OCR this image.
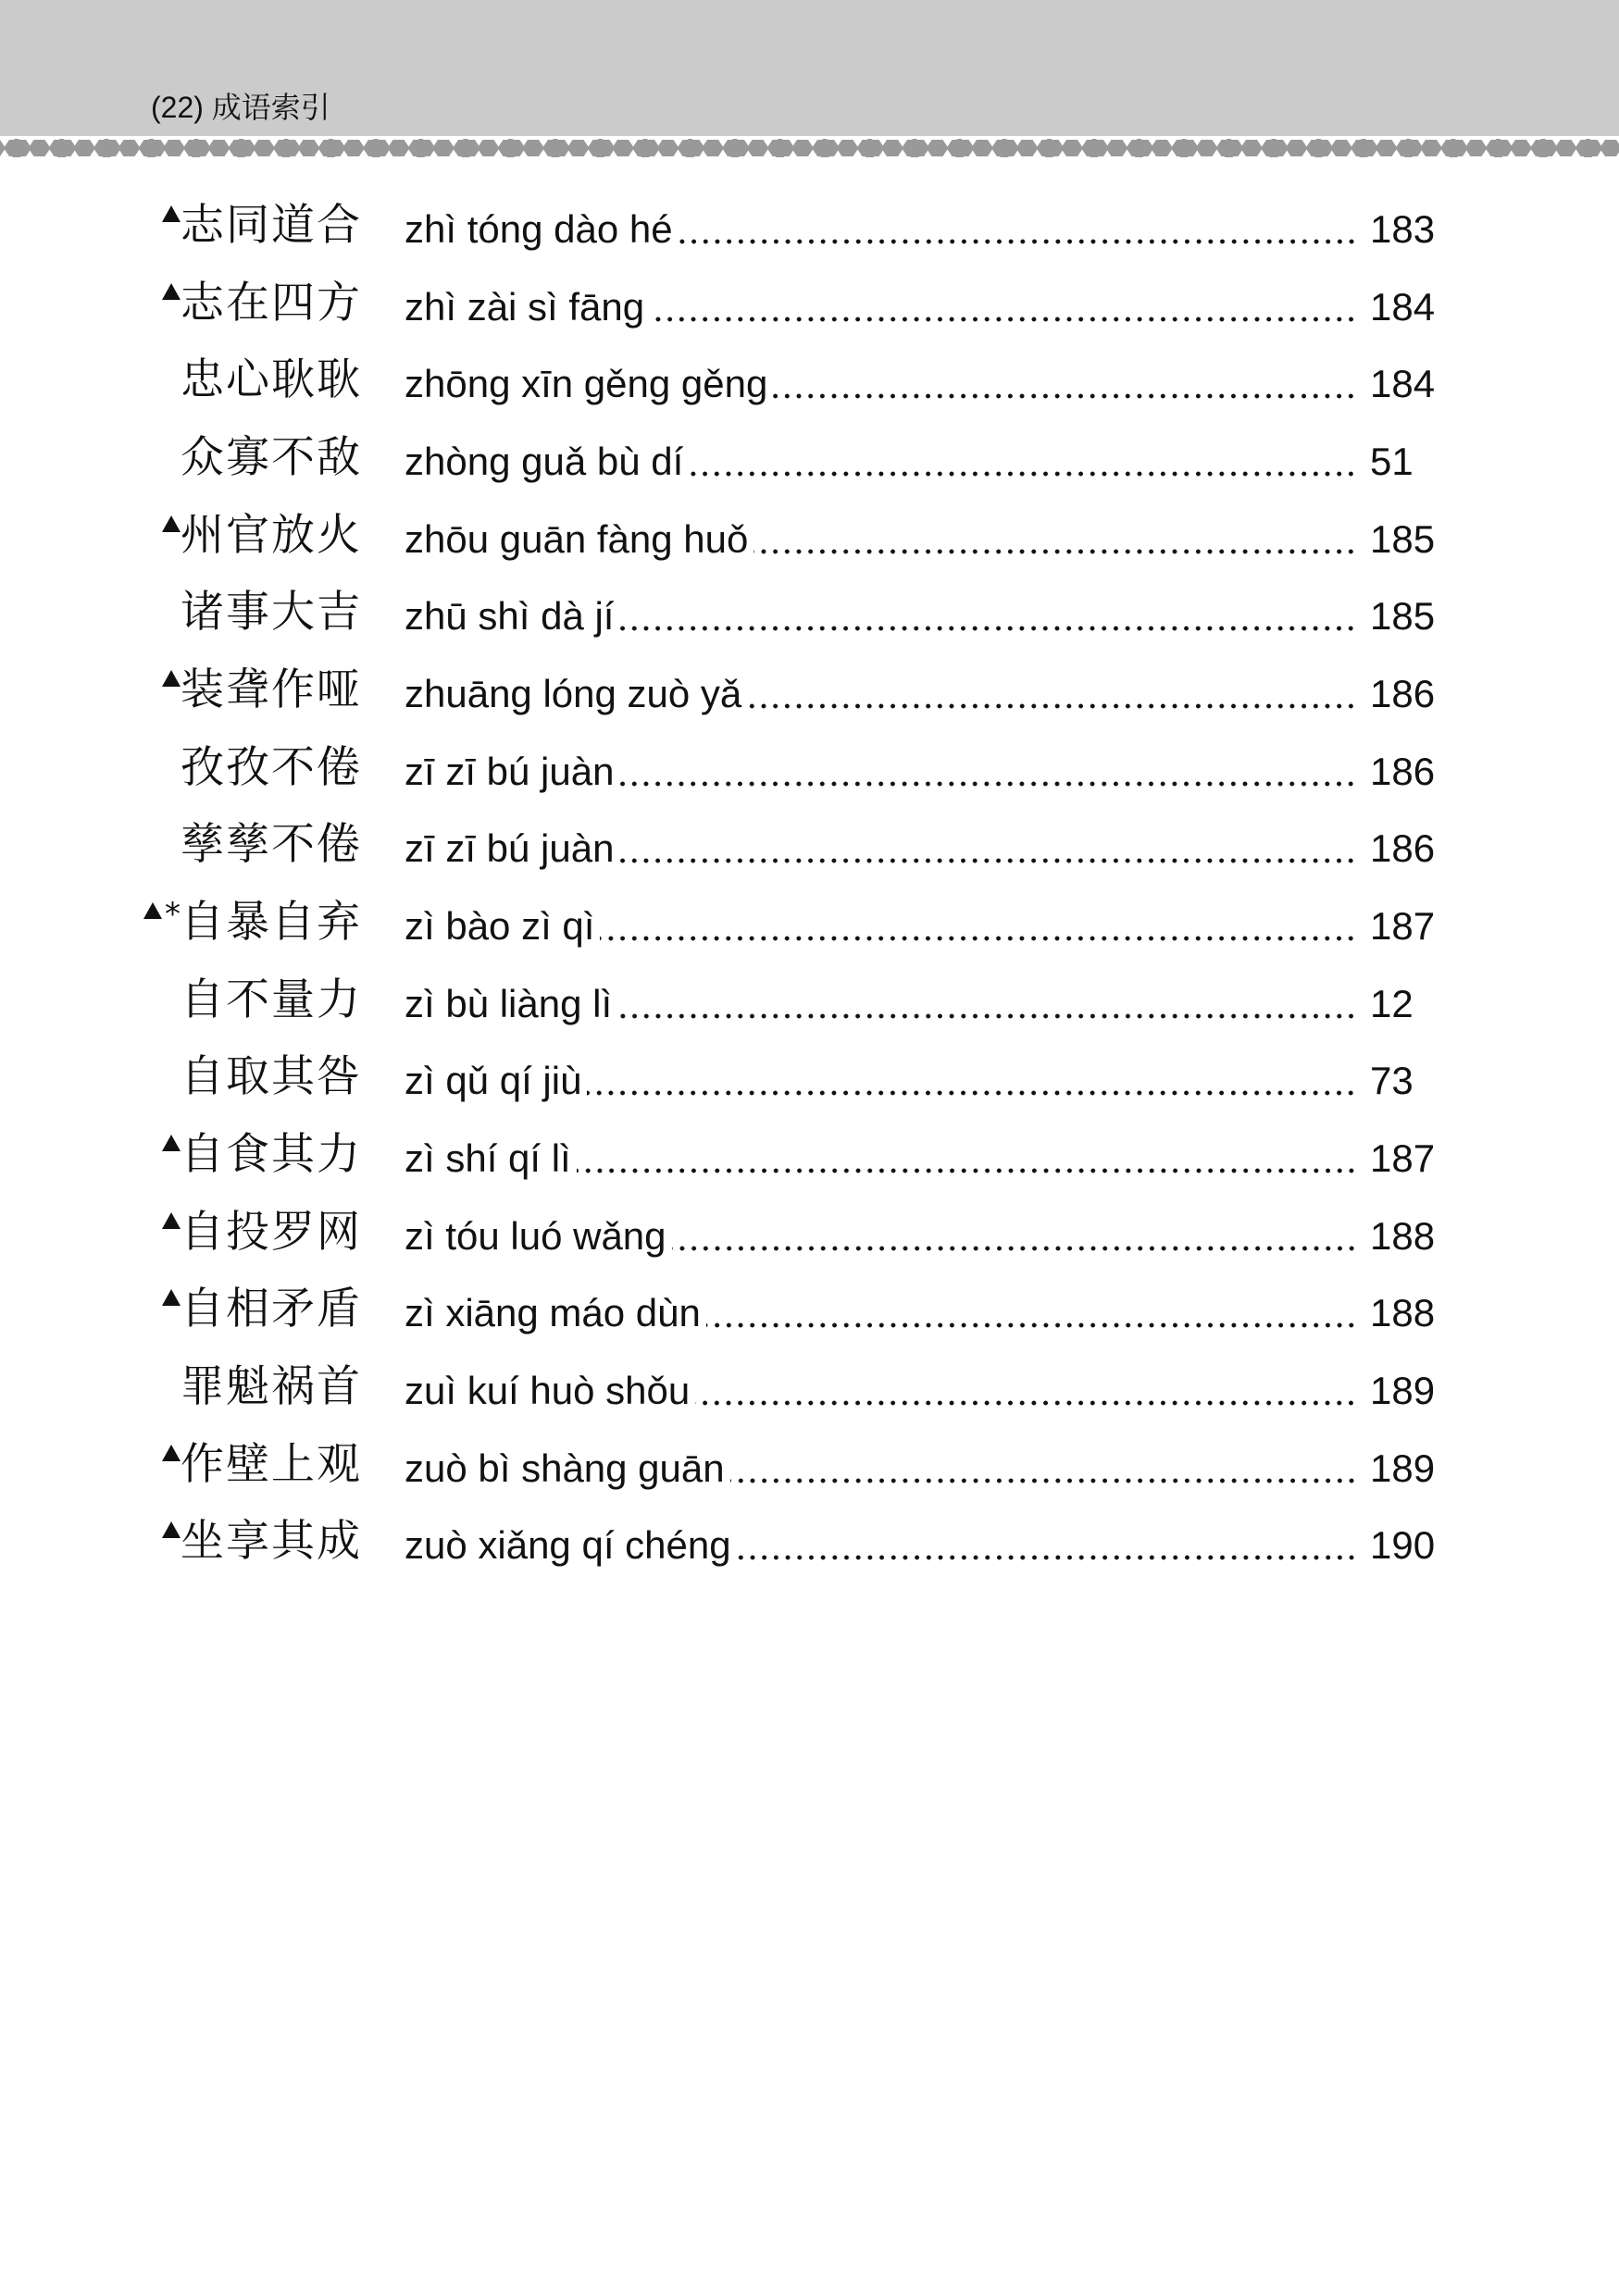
(22) 成语索引
志同道合 zhì tóng dào hé	183
志在四方 zhì zài sì fāng	184
忠心耿耿 zhōng xīn gěng gěng	184
众寡不敌 zhòng guǎ bù dí	51
州官放火 zhōu guān fàng huǒ	185
诸事大吉 zhū shì dà jí	185
装聋作哑 zhuāng lóng zuò yǎ	186
孜孜不倦 zī zī bú juàn	186
孳孳不倦 zī zī bú juàn	186
* 自暴自弃 zì bào zì qì	187
自不量力 zì bù liàng lì	12
自取其咎 zì qǔ qí jiù	73
自食其力 zì shí qí lì	187
自投罗网 zì tóu luó wǎng	188
自相矛盾 zì xiāng máo dùn	188
罪魁祸首 zuì kuí huò shǒu	189
作壁上观 zuò bì shàng guān	189
坐享其成 zuò xiǎng qí chéng	190
